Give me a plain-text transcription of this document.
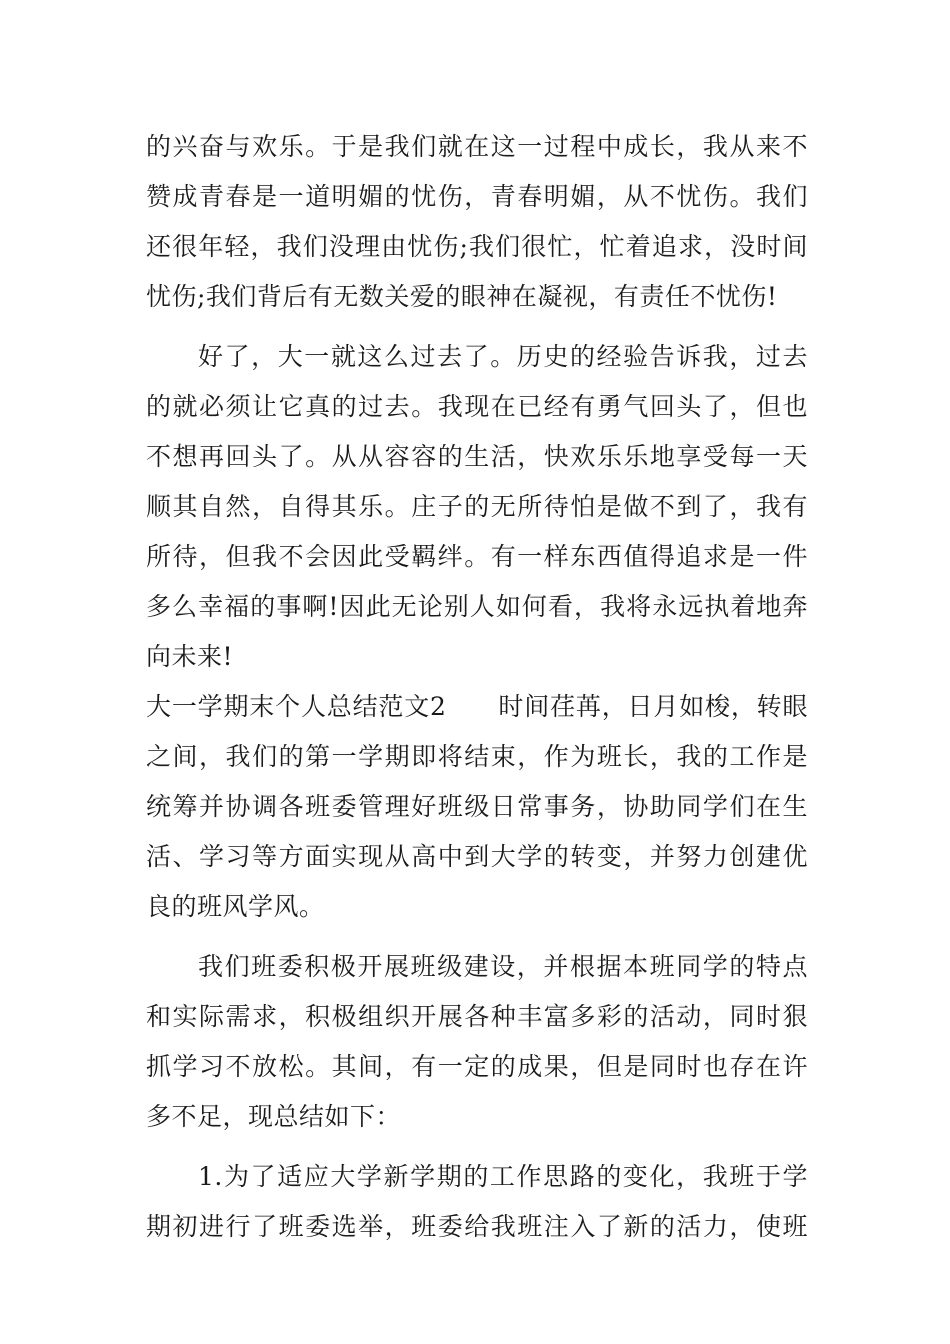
的兴奋与欢乐。于是我们就在这一过程中成长，我从来不
赞成青春是一道明媚的忧伤，青春明媚，从不忧伤。我们
还很年轻，我们没理由忧伤;我们很忙，忙着追求，没时间
忧伤;我们背后有无数关爱的眼神在凝视，有责任不忧伤!
好了，大一就这么过去了。历史的经验告诉我，过去
的就必须让它真的过去。我现在已经有勇气回头了，但也
不想再回头了。从从容容的生活，快欢乐乐地享受每一天
顺其自然，自得其乐。庄子的无所待怕是做不到了，我有
所待，但我不会因此受羁绊。有一样东西值得追求是一件
多么幸福的事啊!因此无论别人如何看，我将永远执着地奔
向未来!
大一学期末个人总结范文2　　时间荏苒，日月如梭，转眼
之间，我们的第一学期即将结束，作为班长，我的工作是
统筹并协调各班委管理好班级日常事务，协助同学们在生
活、学习等方面实现从高中到大学的转变，并努力创建优
良的班风学风。
我们班委积极开展班级建设，并根据本班同学的特点
和实际需求，积极组织开展各种丰富多彩的活动，同时狠
抓学习不放松。其间，有一定的成果，但是同时也存在许
多不足，现总结如下：
1.为了适应大学新学期的工作思路的变化，我班于学
期初进行了班委选举，班委给我班注入了新的活力，使班
